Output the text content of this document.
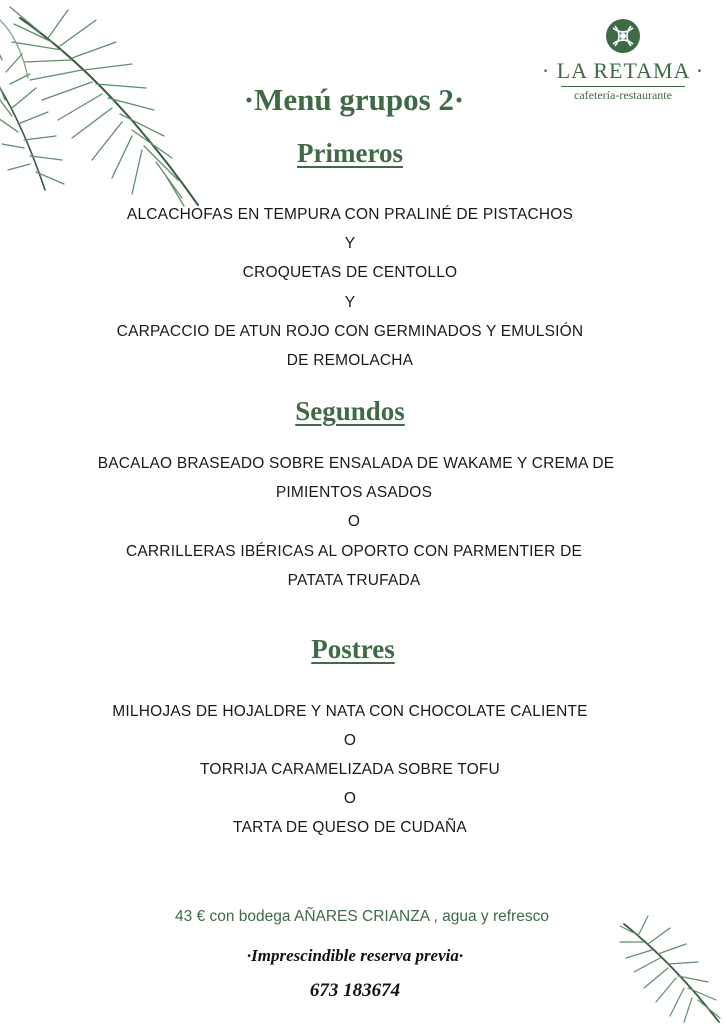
· LA RETAMA ·
cafetería-restaurante
·Menú grupos 2·
Primeros
ALCACHOFAS EN TEMPURA CON PRALINÉ DE PISTACHOS
Y
CROQUETAS DE CENTOLLO
Y
CARPACCIO DE ATUN ROJO CON GERMINADOS Y EMULSIÓN
DE REMOLACHA
Segundos
BACALAO BRASEADO SOBRE ENSALADA DE WAKAME Y CREMA DE
PIMIENTOS ASADOS
O
CARRILLERAS IBÉRICAS AL OPORTO CON PARMENTIER DE
PATATA TRUFADA
Postres
MILHOJAS DE HOJALDRE Y NATA CON CHOCOLATE CALIENTE
O
TORRIJA CARAMELIZADA SOBRE TOFU
O
TARTA DE QUESO DE CUDAÑA
43 € con bodega AÑARES CRIANZA , agua y refresco
·Imprescindible reserva previa·
673 183674
